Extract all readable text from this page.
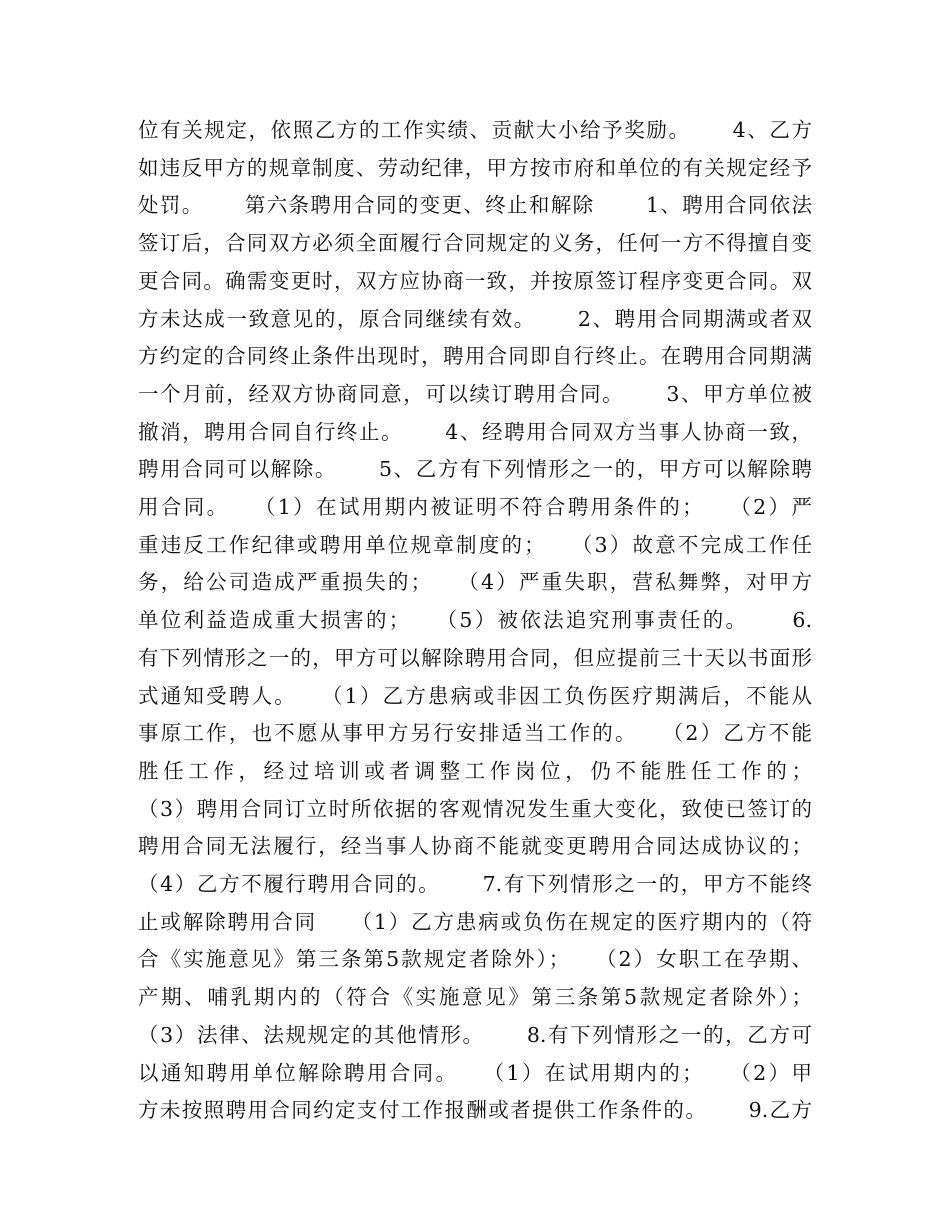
位有关规定，依照乙方的工作实绩、贡献大小给予奖励。　　 4、乙方
如违反甲方的规章制度、劳动纪律，甲方按市府和单位的有关规定经予
处罚。　　 第六条聘用合同的变更、终止和解除　　 1、聘用合同依法
签订后，合同双方必须全面履行合同规定的义务，任何一方不得擅自变
更合同。确需变更时，双方应协商一致，并按原签订程序变更合同。双
方未达成一致意见的，原合同继续有效。　　 2、聘用合同期满或者双
方约定的合同终止条件出现时，聘用合同即自行终止。在聘用合同期满
一个月前，经双方协商同意，可以续订聘用合同。　　 3、甲方单位被
撤消，聘用合同自行终止。　　 4、经聘用合同双方当事人协商一致，
聘用合同可以解除。　　 5、乙方有下列情形之一的，甲方可以解除聘
用合同。　　（1）在试用期内被证明不符合聘用条件的；　　（2）严
重违反工作纪律或聘用单位规章制度的；　　（3）故意不完成工作任
务，给公司造成严重损失的；　　（4）严重失职，营私舞弊，对甲方
单位利益造成重大损害的；　　（5）被依法追究刑事责任的。　　 6.
有下列情形之一的，甲方可以解除聘用合同，但应提前三十天以书面形
式通知受聘人。　　（1）乙方患病或非因工负伤医疗期满后，不能从
事原工作，也不愿从事甲方另行安排适当工作的。　　（2）乙方不能
胜任工作，经过培训或者调整工作岗位，仍不能胜任工作的；
（3）聘用合同订立时所依据的客观情况发生重大变化，致使已签订的
聘用合同无法履行，经当事人协商不能就变更聘用合同达成协议的；
（4）乙方不履行聘用合同的。　　 7.有下列情形之一的，甲方不能终
止或解除聘用合同　　（1）乙方患病或负伤在规定的医疗期内的（符
合《实施意见》第三条第5款规定者除外）；　　（2）女职工在孕期、
产期、哺乳期内的（符合《实施意见》第三条第5款规定者除外）；
（3）法律、法规规定的其他情形。　　 8.有下列情形之一的，乙方可
以通知聘用单位解除聘用合同。　　（1）在试用期内的；　　（2）甲
方未按照聘用合同约定支付工作报酬或者提供工作条件的。　　 9.乙方
